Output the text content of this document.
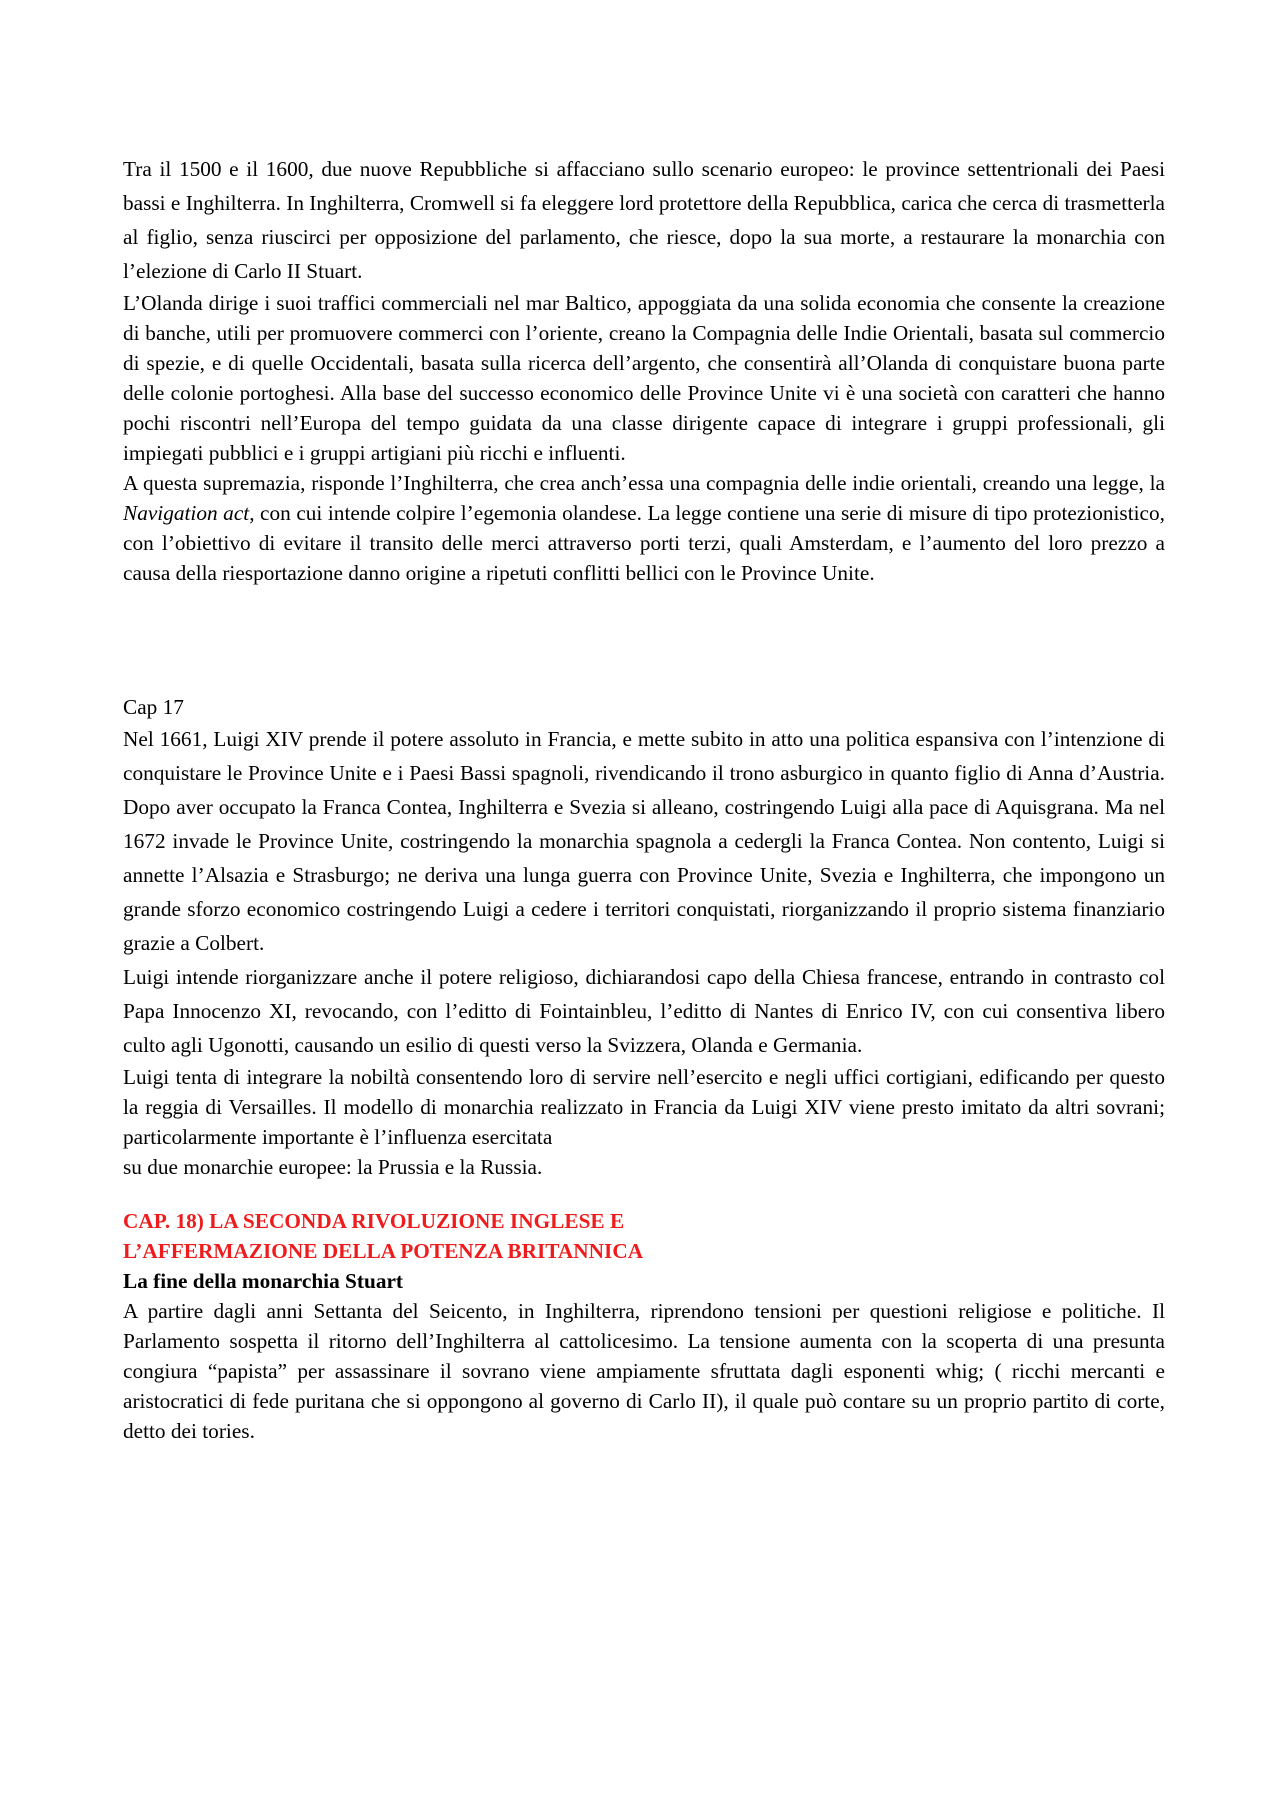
Tra il 1500 e il 1600, due nuove Repubbliche si affacciano sullo scenario europeo: le province settentrionali dei Paesi bassi e Inghilterra. In Inghilterra, Cromwell si fa eleggere lord protettore della Repubblica, carica che cerca di trasmetterla al figlio, senza riuscirci per opposizione del parlamento, che riesce, dopo la sua morte, a restaurare la monarchia con l’elezione di Carlo II Stuart.

L’Olanda dirige i suoi traffici commerciali nel mar Baltico, appoggiata da una solida economia che consente la creazione di banche, utili per promuovere commerci con l’oriente, creano la Compagnia delle Indie Orientali, basata sul commercio di spezie, e di quelle Occidentali, basata sulla ricerca dell’argento, che consentirà all’Olanda di conquistare buona parte delle colonie portoghesi. Alla base del successo economico delle Province Unite vi è una società con caratteri che hanno pochi riscontri nell’Europa del tempo guidata da una classe dirigente capace di integrare i gruppi professionali, gli impiegati pubblici e i gruppi artigiani più ricchi e influenti.

A questa supremazia, risponde l’Inghilterra, che crea anch’essa una compagnia delle indie orientali, creando una legge, la Navigation act, con cui intende colpire l’egemonia olandese. La legge contiene una serie di misure di tipo protezionistico, con l’obiettivo di evitare il transito delle merci attraverso porti terzi, quali Amsterdam, e l’aumento del loro prezzo a causa della riesportazione danno origine a ripetuti conflitti bellici con le Province Unite.

Cap 17

Nel 1661, Luigi XIV prende il potere assoluto in Francia, e mette subito in atto una politica espansiva con l’intenzione di conquistare le Province Unite e i Paesi Bassi spagnoli, rivendicando il trono asburgico in quanto figlio di Anna d’Austria. Dopo aver occupato la Franca Contea, Inghilterra e Svezia si alleano, costringendo Luigi alla pace di Aquisgrana. Ma nel 1672 invade le Province Unite, costringendo la monarchia spagnola a cedergli la Franca Contea. Non contento, Luigi si annette l’Alsazia e Strasburgo; ne deriva una lunga guerra con Province Unite, Svezia e Inghilterra, che impongono un grande sforzo economico costringendo Luigi a cedere i territori conquistati, riorganizzando il proprio sistema finanziario grazie a Colbert.

Luigi intende riorganizzare anche il potere religioso, dichiarandosi capo della Chiesa francese, entrando in contrasto col Papa Innocenzo XI, revocando, con l’editto di Fointainbleu, l’editto di Nantes di Enrico IV, con cui consentiva libero culto agli Ugonotti, causando un esilio di questi verso la Svizzera, Olanda e Germania.

Luigi tenta di integrare la nobiltà consentendo loro di servire nell’esercito e negli uffici cortigiani, edificando per questo la reggia di Versailles. Il modello di monarchia realizzato in Francia da Luigi XIV viene presto imitato da altri sovrani; particolarmente importante è l’influenza esercitata

su due monarchie europee: la Prussia e la Russia.

CAP. 18) LA SECONDA RIVOLUZIONE INGLESE E

L’AFFERMAZIONE DELLA POTENZA BRITANNICA

La fine della monarchia Stuart

A partire dagli anni Settanta del Seicento, in Inghilterra, riprendono tensioni per questioni religiose e politiche. Il Parlamento sospetta il ritorno dell’Inghilterra al cattolicesimo. La tensione aumenta con la scoperta di una presunta congiura “papista” per assassinare il sovrano viene ampiamente sfruttata dagli esponenti whig; ( ricchi mercanti e aristocratici di fede puritana che si oppongono al governo di Carlo II), il quale può contare su un proprio partito di corte, detto dei tories.
